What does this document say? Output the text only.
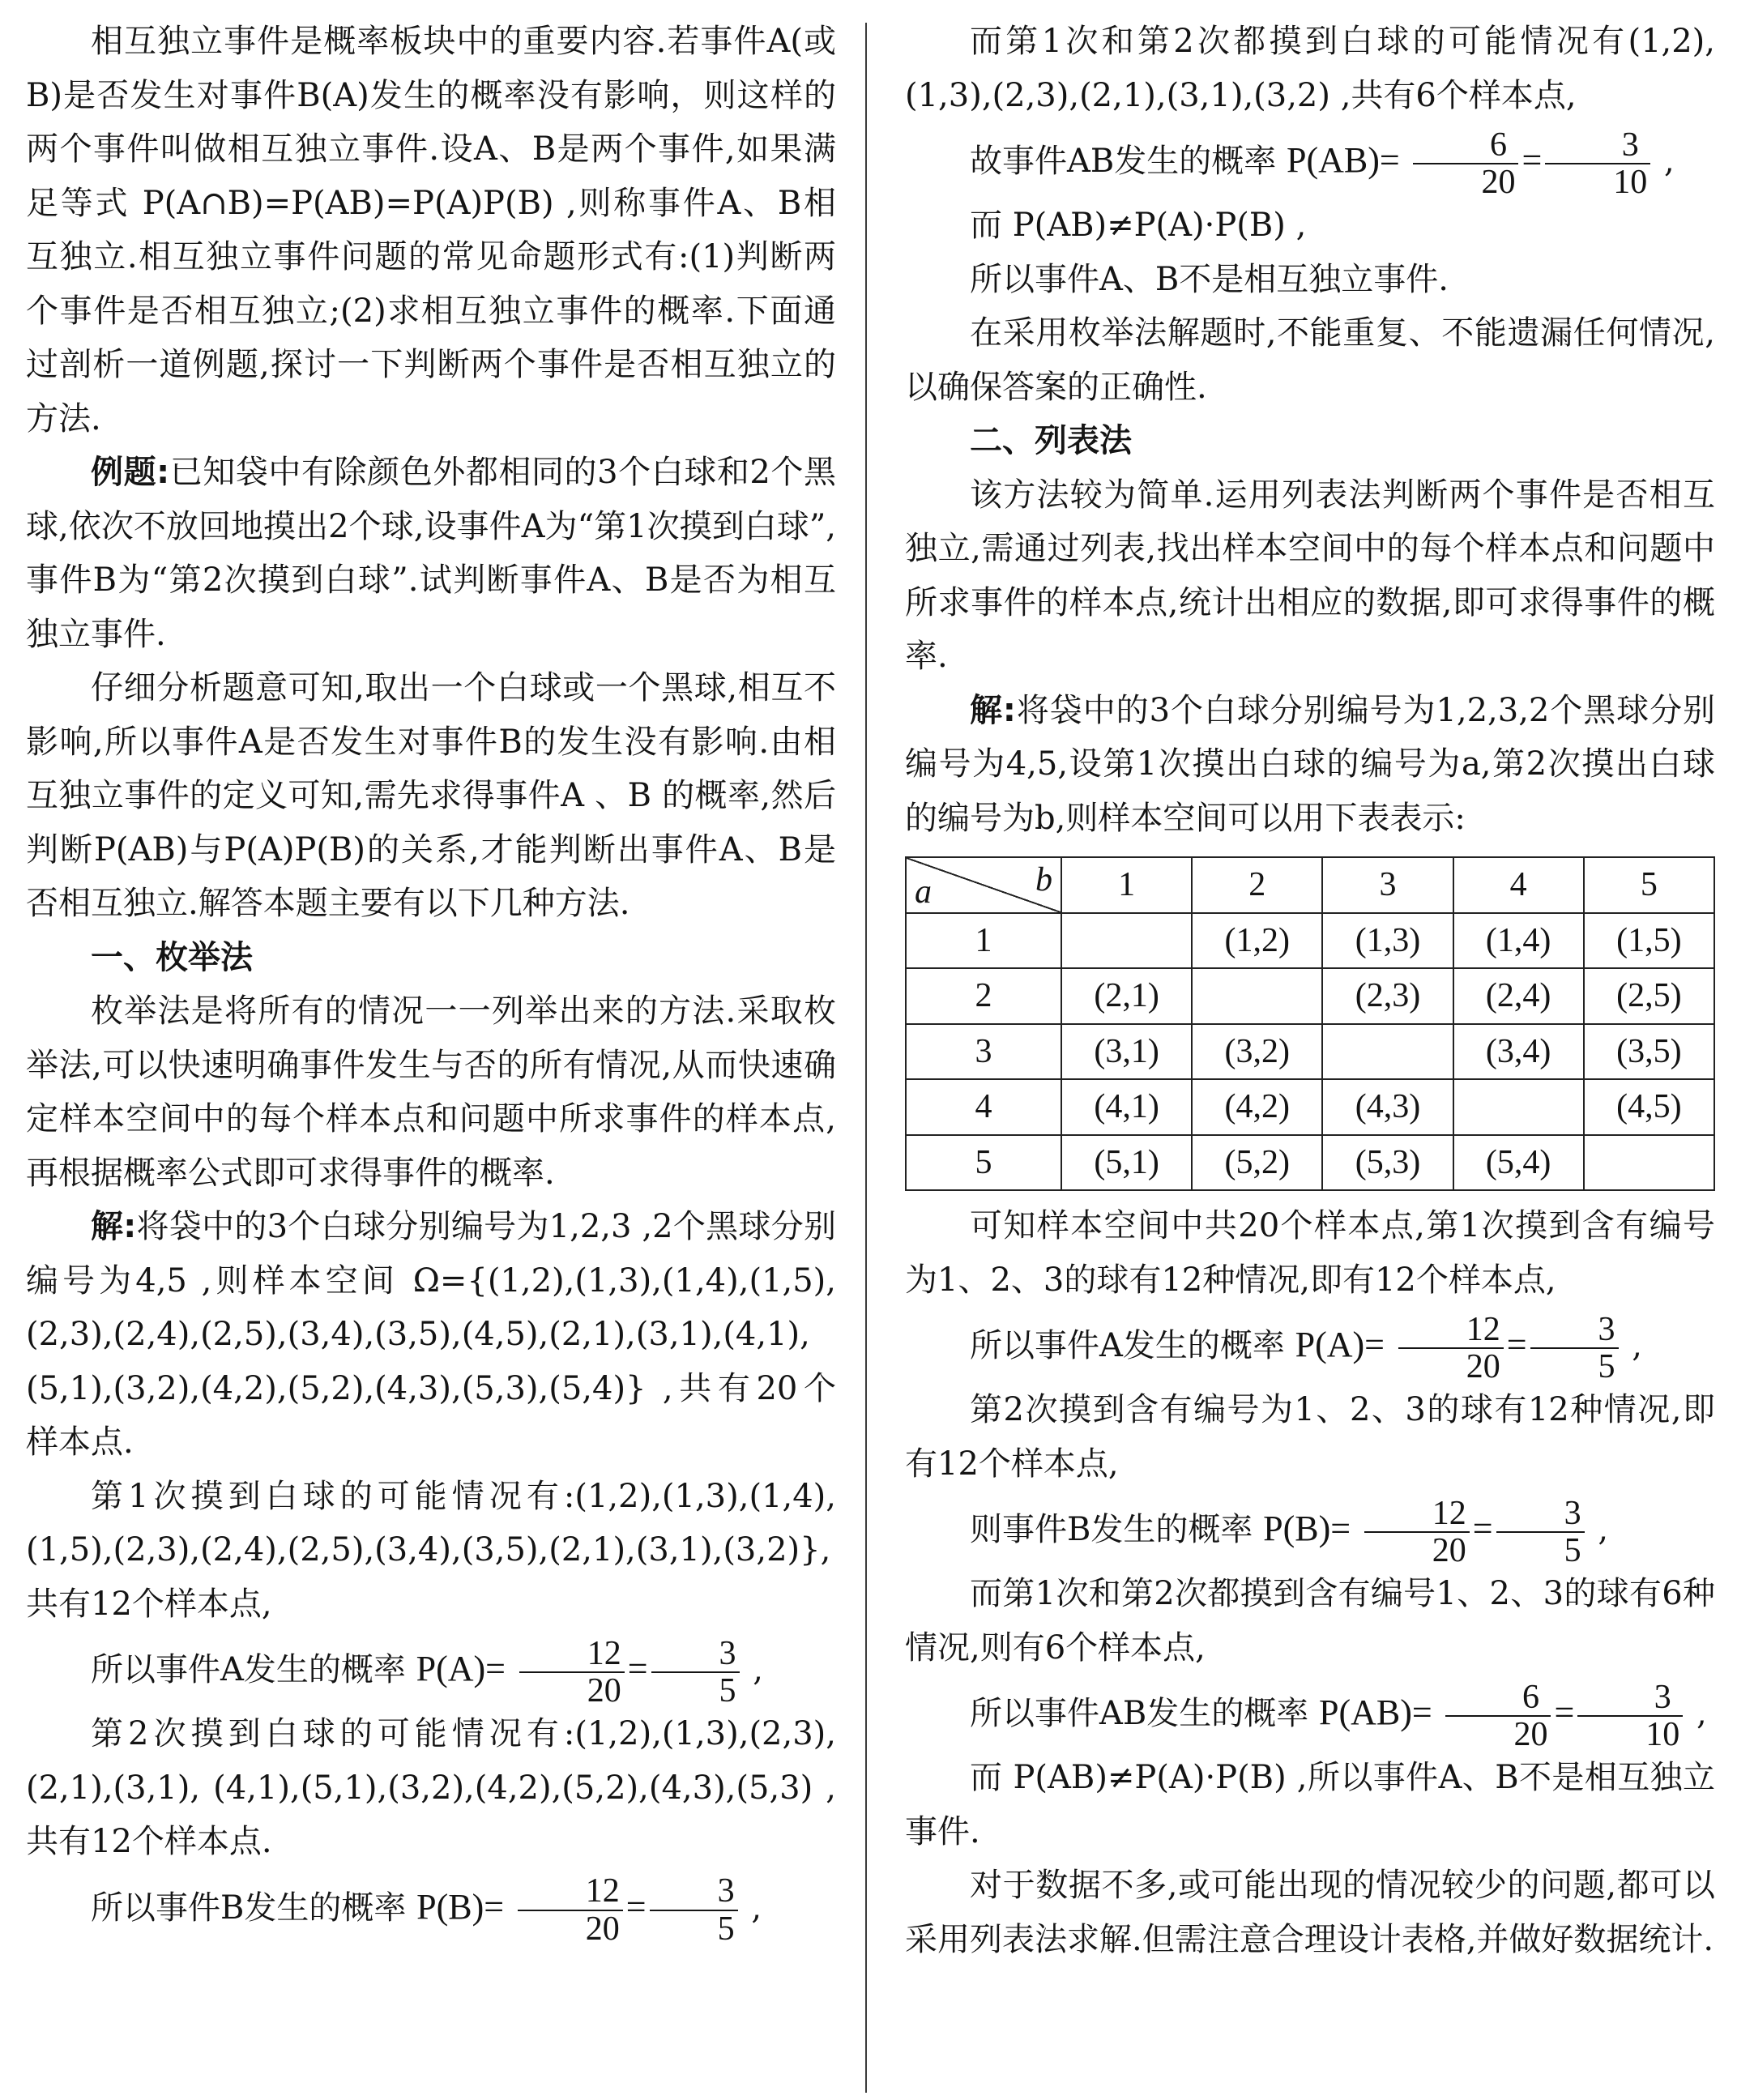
相互独立事件是概率板块中的重要内容.若事件A(或B)是否发生对事件B(A)发生的概率没有影响，则这样的两个事件叫做相互独立事件.设A、B是两个事件,如果满足等式 P(A∩B)=P(AB)=P(A)P(B) ,则称事件A、B相互独立.相互独立事件问题的常见命题形式有:(1)判断两个事件是否相互独立;(2)求相互独立事件的概率.下面通过剖析一道例题,探讨一下判断两个事件是否相互独立的方法.

例题:已知袋中有除颜色外都相同的3个白球和2个黑球,依次不放回地摸出2个球,设事件A为“第1次摸到白球”,事件B为“第2次摸到白球”.试判断事件A、B是否为相互独立事件.

仔细分析题意可知,取出一个白球或一个黑球,相互不影响,所以事件A是否发生对事件B的发生没有影响.由相互独立事件的定义可知,需先求得事件A 、B 的概率,然后判断P(AB)与P(A)P(B)的关系,才能判断出事件A、B是否相互独立.解答本题主要有以下几种方法.

一、枚举法

枚举法是将所有的情况一一列举出来的方法.采取枚举法,可以快速明确事件发生与否的所有情况,从而快速确定样本空间中的每个样本点和问题中所求事件的样本点,再根据概率公式即可求得事件的概率.

解:将袋中的3个白球分别编号为1,2,3 ,2个黑球分别编号为4,5 ,则样本空间 Ω={(1,2),(1,3),(1,4),(1,5),(2,3),(2,4),(2,5),(3,4),(3,5),(4,5),(2,1),(3,1),(4,1),(5,1),(3,2),(4,2),(5,2),(4,3),(5,3),(5,4)} ,共有20个样本点.

第1次摸到白球的可能情况有:(1,2),(1,3),(1,4),(1,5),(2,3),(2,4),(2,5),(3,4),(3,5),(2,1),(3,1),(3,2)},共有12个样本点,

所以事件A发生的概率 $P(A)= \frac{12}{20} = \frac{3}{5}$ ,

第2次摸到白球的可能情况有:(1,2),(1,3),(2,3),(2,1),(3,1), (4,1),(5,1),(3,2),(4,2),(5,2),(4,3),(5,3) ,共有12个样本点.

所以事件B发生的概率 $P(B)= \frac{12}{20} = \frac{3}{5}$ ,

而第1次和第2次都摸到白球的可能情况有(1,2),(1,3),(2,3),(2,1),(3,1),(3,2) ,共有6个样本点,

故事件AB发生的概率 $P(AB)= \frac{6}{20} = \frac{3}{10}$ ,

而 P(AB)≠P(A)·P(B) ,

所以事件A、B不是相互独立事件.

在采用枚举法解题时,不能重复、不能遗漏任何情况,以确保答案的正确性.

二、列表法

该方法较为简单.运用列表法判断两个事件是否相互独立,需通过列表,找出样本空间中的每个样本点和问题中所求事件的样本点,统计出相应的数据,即可求得事件的概率.

解:将袋中的3个白球分别编号为1,2,3,2个黑球分别编号为4,5,设第1次摸出白球的编号为a,第2次摸出白球的编号为b,则样本空间可以用下表表示:

a b	1	2	3	4	5
1		(1,2)	(1,3)	(1,4)	(1,5)
2	(2,1)		(2,3)	(2,4)	(2,5)
3	(3,1)	(3,2)		(3,4)	(3,5)
4	(4,1)	(4,2)	(4,3)		(4,5)
5	(5,1)	(5,2)	(5,3)	(5,4)	

可知样本空间中共20个样本点,第1次摸到含有编号为1、2、3的球有12种情况,即有12个样本点,

所以事件A发生的概率 $P(A)= \frac{12}{20} = \frac{3}{5}$ ,

第2次摸到含有编号为1、2、3的球有12种情况,即有12个样本点,

则事件B发生的概率 $P(B)= \frac{12}{20} = \frac{3}{5}$ ,

而第1次和第2次都摸到含有编号1、2、3的球有6种情况,则有6个样本点,

所以事件AB发生的概率 $P(AB)= \frac{6}{20} = \frac{3}{10}$ ,

而 P(AB)≠P(A)·P(B) ,所以事件A、B不是相互独立事件.

对于数据不多,或可能出现的情况较少的问题,都可以采用列表法求解.但需注意合理设计表格,并做好数据统计.
